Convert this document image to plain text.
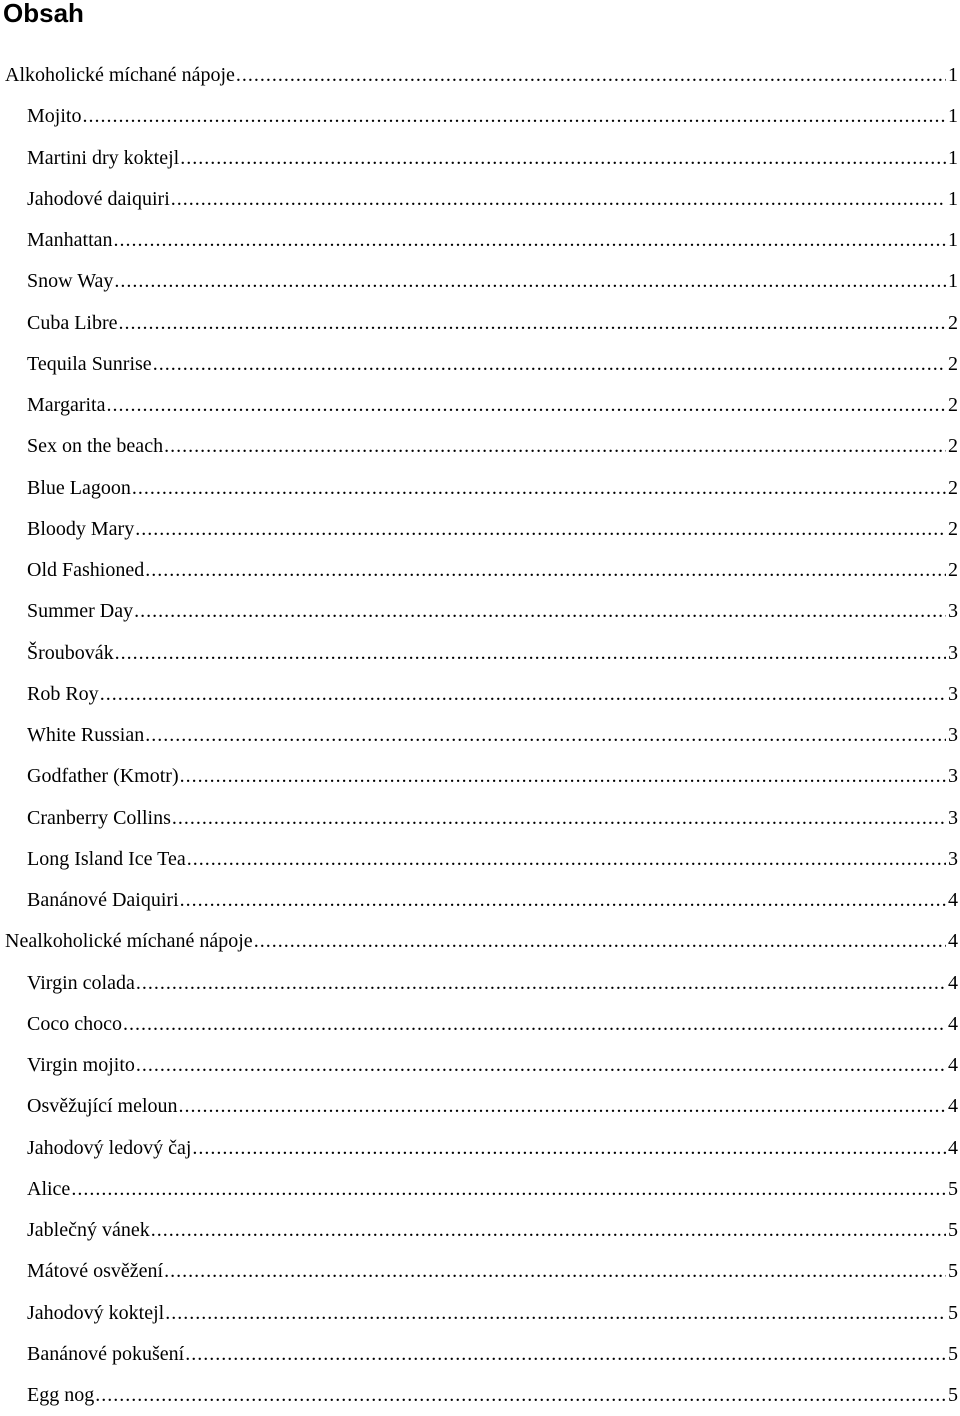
Obsah
Alkoholické míchané nápoje .....	1
Mojito .....	1
Martini dry koktejl .....	1
Jahodové daiquiri .....	1
Manhattan .....	1
Snow Way .....	1
Cuba Libre .....	2
Tequila Sunrise .....	2
Margarita .....	2
Sex on the beach .....	2
Blue Lagoon .....	2
Bloody Mary .....	2
Old Fashioned .....	2
Summer Day .....	3
Šroubovák .....	3
Rob Roy .....	3
White Russian .....	3
Godfather (Kmotr) .....	3
Cranberry Collins .....	3
Long Island Ice Tea .....	3
Banánové Daiquiri .....	4
Nealkoholické míchané nápoje .....	4
Virgin colada .....	4
Coco choco .....	4
Virgin mojito .....	4
Osvěžující meloun .....	4
Jahodový ledový čaj .....	4
Alice .....	5
Jablečný vánek .....	5
Mátové osvěžení .....	5
Jahodový koktejl .....	5
Banánové pokušení .....	5
Egg nog .....	5
